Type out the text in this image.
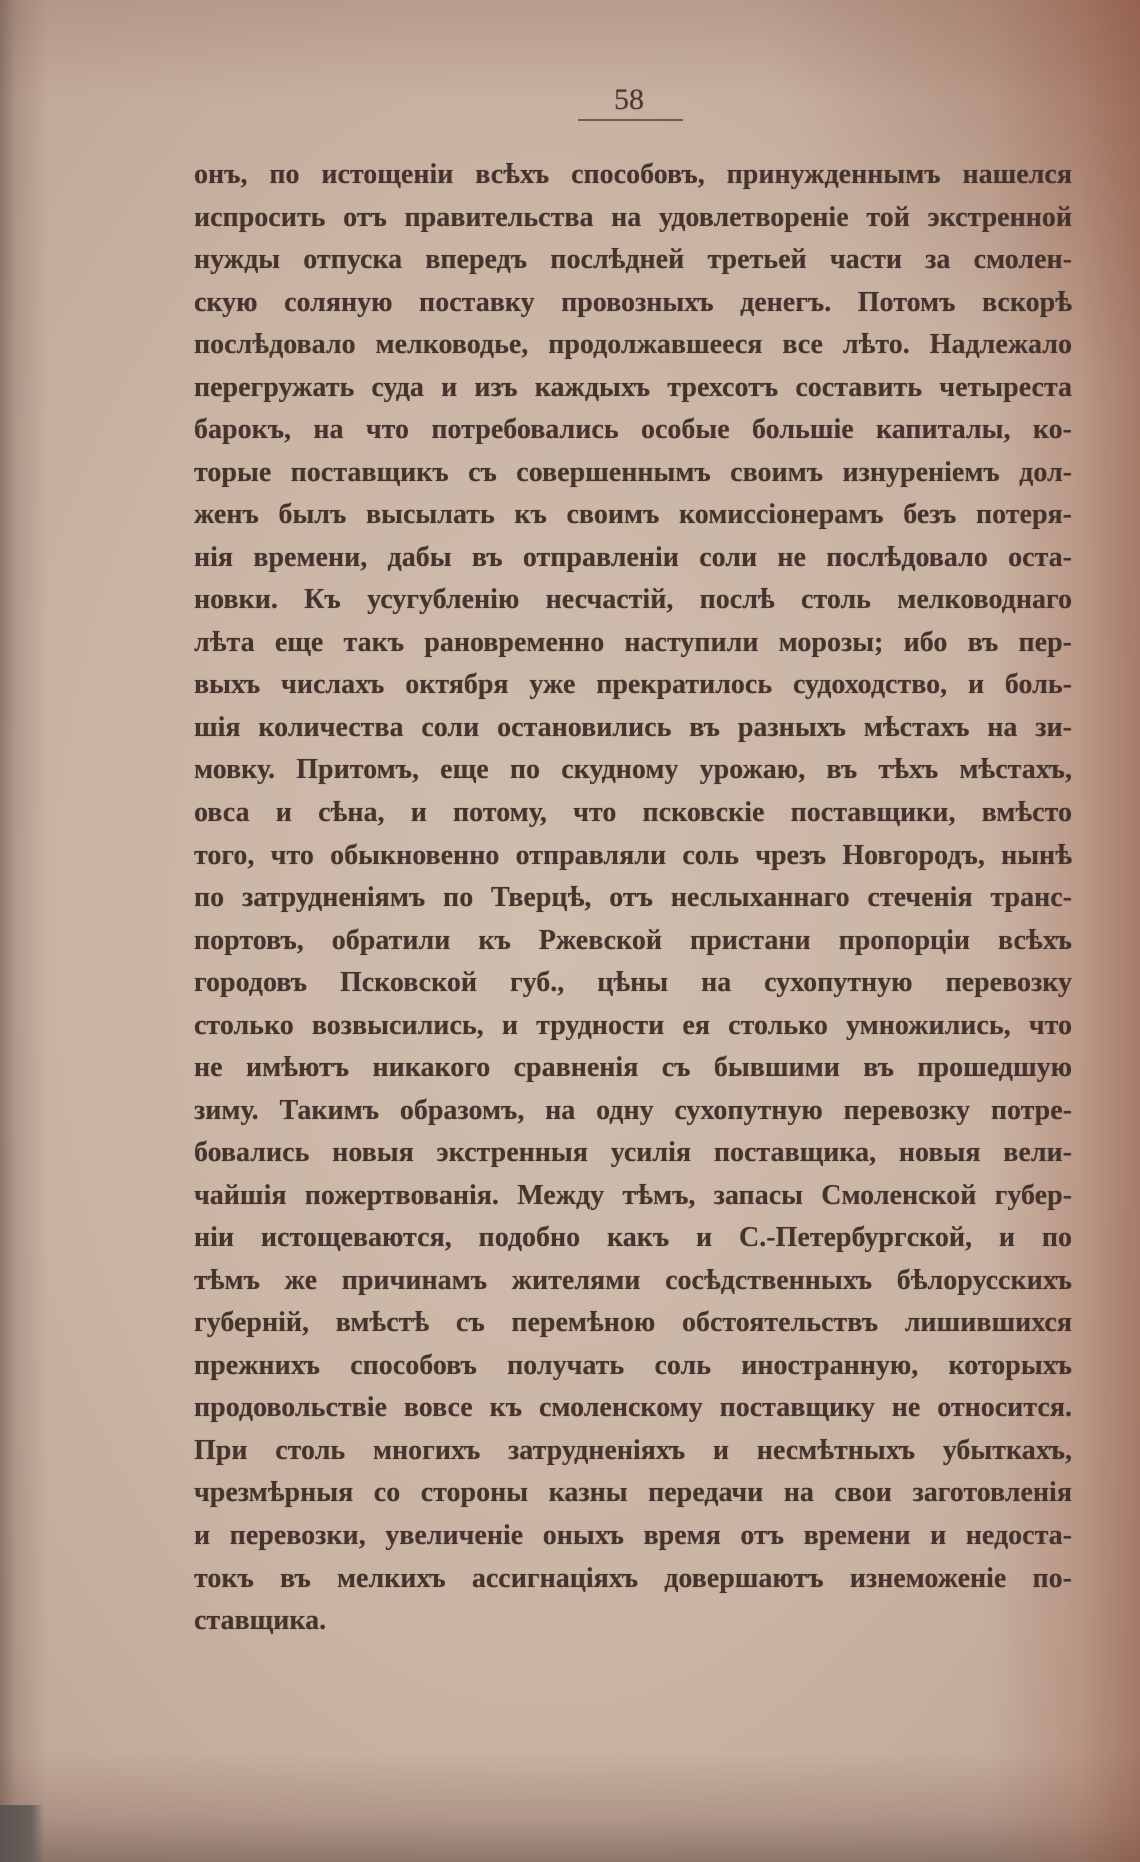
58
онъ, по истощеніи всѣхъ способовъ, принужденнымъ нашелся
испросить отъ правительства на удовлетвореніе той экстренной
нужды отпуска впередъ послѣдней третьей части за смолен-
скую соляную поставку провозныхъ денегъ. Потомъ вскорѣ
послѣдовало мелководье, продолжавшееся все лѣто. Надлежало
перегружать суда и изъ каждыхъ трехсотъ составить четыреста
барокъ, на что потребовались особые большіе капиталы, ко-
торые поставщикъ съ совершеннымъ своимъ изнуреніемъ дол-
женъ былъ высылать къ своимъ комиссіонерамъ безъ потеря-
нія времени, дабы въ отправленіи соли не послѣдовало оста-
новки. Къ усугубленію несчастій, послѣ столь мелководнаго
лѣта еще такъ рановременно наступили морозы; ибо въ пер-
выхъ числахъ октября уже прекратилось судоходство, и боль-
шія количества соли остановились въ разныхъ мѣстахъ на зи-
мовку. Притомъ, еще по скудному урожаю, въ тѣхъ мѣстахъ,
овса и сѣна, и потому, что псковскіе поставщики, вмѣсто
того, что обыкновенно отправляли соль чрезъ Новгородъ, нынѣ
по затрудненіямъ по Тверцѣ, отъ неслыханнаго стеченія транс-
портовъ, обратили къ Ржевской пристани пропорціи всѣхъ
городовъ Псковской губ., цѣны на сухопутную перевозку
столько возвысились, и трудности ея столько умножились, что
не имѣютъ никакого сравненія съ бывшими въ прошедшую
зиму. Такимъ образомъ, на одну сухопутную перевозку потре-
бовались новыя экстренныя усилія поставщика, новыя вели-
чайшія пожертвованія. Между тѣмъ, запасы Смоленской губер-
ніи истощеваются, подобно какъ и С.-Петербургской, и по
тѣмъ же причинамъ жителями сосѣдственныхъ бѣлорусскихъ
губерній, вмѣстѣ съ перемѣною обстоятельствъ лишившихся
прежнихъ способовъ получать соль иностранную, которыхъ
продовольствіе вовсе къ смоленскому поставщику не относится.
При столь многихъ затрудненіяхъ и несмѣтныхъ убыткахъ,
чрезмѣрныя со стороны казны передачи на свои заготовленія
и перевозки, увеличеніе оныхъ время отъ времени и недоста-
токъ въ мелкихъ ассигнаціяхъ довершаютъ изнеможеніе по-
ставщика.
